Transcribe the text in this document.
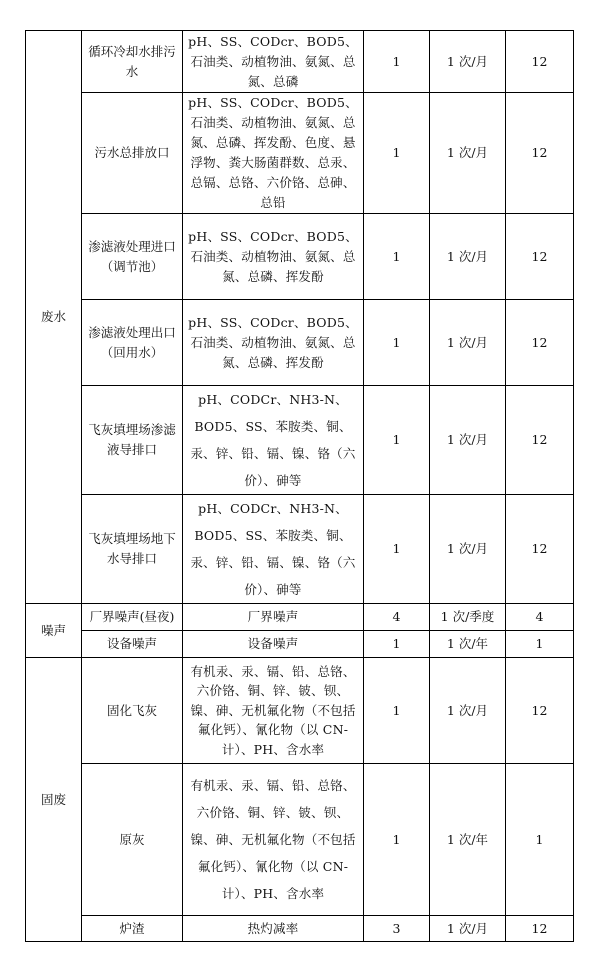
废水	循环冷却水排污水	pH、SS、CODcr、BOD5、石油类、动植物油、氨氮、总氮、总磷	1	1 次/月	12
	污水总排放口	pH、SS、CODcr、BOD5、石油类、动植物油、氨氮、总氮、总磷、挥发酚、色度、悬浮物、粪大肠菌群数、总汞、总镉、总铬、六价铬、总砷、总铅	1	1 次/月	12
	渗滤液处理进口（调节池）	pH、SS、CODcr、BOD5、石油类、动植物油、氨氮、总氮、总磷、挥发酚	1	1 次/月	12
	渗滤液处理出口（回用水）	pH、SS、CODcr、BOD5、石油类、动植物油、氨氮、总氮、总磷、挥发酚	1	1 次/月	12
	飞灰填埋场渗滤液导排口	pH、CODCr、NH3-N、BOD5、SS、苯胺类、铜、汞、锌、铅、镉、镍、铬（六价）、砷等	1	1 次/月	12
	飞灰填埋场地下水导排口	pH、CODCr、NH3-N、BOD5、SS、苯胺类、铜、汞、锌、铅、镉、镍、铬（六价）、砷等	1	1 次/月	12
噪声	厂界噪声(昼夜)	厂界噪声	4	1 次/季度	4
	设备噪声	设备噪声	1	1 次/年	1
固废	固化飞灰	有机汞、汞、镉、铅、总铬、六价铬、铜、锌、铍、钡、镍、砷、无机氟化物（不包括氟化钙）、氰化物（以 CN-计）、PH、含水率	1	1 次/月	12
	原灰	有机汞、汞、镉、铅、总铬、六价铬、铜、锌、铍、钡、镍、砷、无机氟化物（不包括氟化钙）、氰化物（以 CN-计）、PH、含水率	1	1 次/年	1
	炉渣	热灼减率	3	1 次/月	12
